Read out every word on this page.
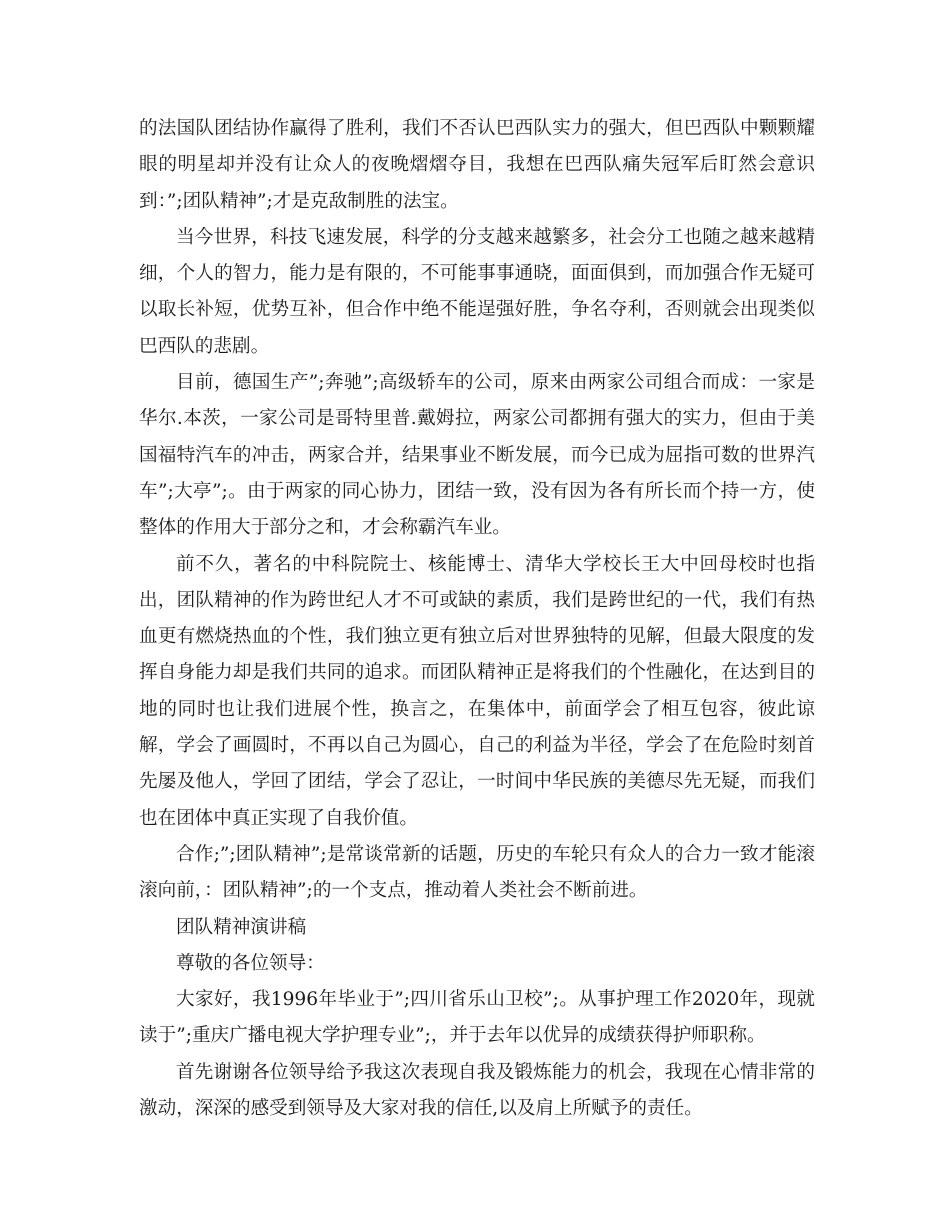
的法国队团结协作赢得了胜利，我们不否认巴西队实力的强大，但巴西队中颗颗耀眼的明星却并没有让众人的夜晚熠熠夺目，我想在巴西队痛失冠军后盯然会意识到：”;团队精神”;才是克敌制胜的法宝。

当今世界，科技飞速发展，科学的分支越来越繁多，社会分工也随之越来越精细，个人的智力，能力是有限的，不可能事事通晓，面面俱到，而加强合作无疑可以取长补短，优势互补，但合作中绝不能逞强好胜，争名夺利，否则就会出现类似巴西队的悲剧。

目前，德国生产”;奔驰”;高级轿车的公司，原来由两家公司组合而成：一家是华尔.本茨，一家公司是哥特里普.戴姆拉，两家公司都拥有强大的实力，但由于美国福特汽车的冲击，两家合并，结果事业不断发展，而今已成为屈指可数的世界汽车”;大亭”;。由于两家的同心协力，团结一致，没有因为各有所长而个持一方，使整体的作用大于部分之和，才会称霸汽车业。

前不久，著名的中科院院士、核能博士、清华大学校长王大中回母校时也指出，团队精神的作为跨世纪人才不可或缺的素质，我们是跨世纪的一代，我们有热血更有燃烧热血的个性，我们独立更有独立后对世界独特的见解，但最大限度的发挥自身能力却是我们共同的追求。而团队精神正是将我们的个性融化，在达到目的地的同时也让我们进展个性，换言之，在集体中，前面学会了相互包容，彼此谅解，学会了画圆时，不再以自己为圆心，自己的利益为半径，学会了在危险时刻首先屡及他人，学回了团结，学会了忍让，一时间中华民族的美德尽先无疑，而我们也在团体中真正实现了自我价值。

合作;”;团队精神”;是常谈常新的话题，历史的车轮只有众人的合力一致才能滚滚向前，：团队精神”;的一个支点，推动着人类社会不断前进。

团队精神演讲稿

尊敬的各位领导：

大家好，我1996年毕业于”;四川省乐山卫校”;。从事护理工作2020年，现就读于”;重庆广播电视大学护理专业”;，并于去年以优异的成绩获得护师职称。

首先谢谢各位领导给予我这次表现自我及锻炼能力的机会，我现在心情非常的激动，深深的感受到领导及大家对我的信任,以及肩上所赋予的责任。
